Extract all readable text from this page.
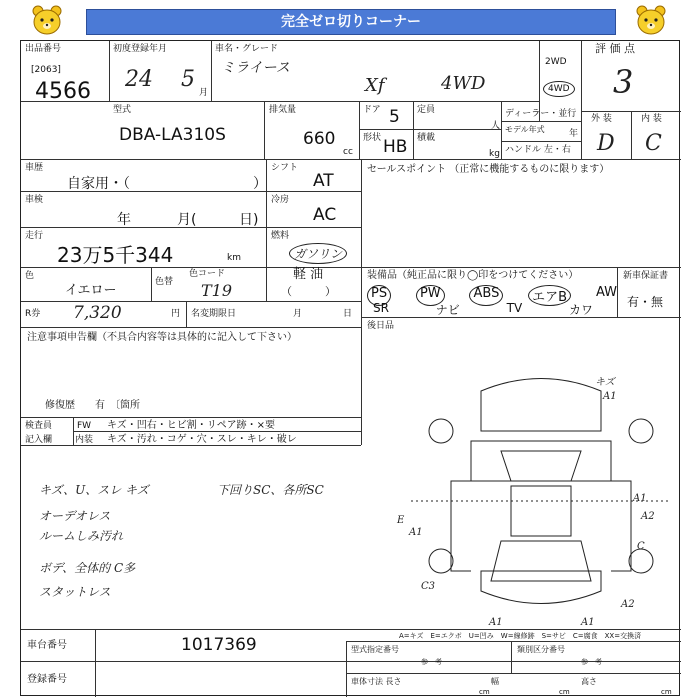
完全ゼロ切りコーナー
出品番号
[2063]
4566
初度登録年月
24 5
月
車名・グレード
ミライース
Xf	4WD
2WD
4WD
評 価 点
3
外 装	内 装
D C
型式
DBA-LA310S
排気量
660
cc
ドア 5 定員
人
形状 HB 積載
kg
ディーラー・並行
モデル年式	年
ハンドル 左・右
車歴
自家用・（	）
シフト
AT
セールスポイント （正常に機能するものに限ります）
車検
年	月(	日)
冷房
AC
走行
23万5千344	km
燃料
ガソリン
軽 油
（　　　）
色
イエロー
色替
色コード
T19
装備品（純正品に限り◯印をつけてください）
PS	PW	ABS	エアB	AW
SR	ナビ	TV	カワ
新車保証書
有・無
後日品
R券 7,320	円 名変期限日	月	日
注意事項申告欄（不具合内容等は具体的に記入して下さい）
修復歴　　有　〔箇所
検査員
記入欄
FW キズ・凹右・ヒビ割・リペア跡・×要
内装 キズ・汚れ・コゲ・穴・スレ・キレ・破レ
キズ、U、スレ キズ
オーデオレス
ルームしみ汚れ
ボデ、全体的 C多
スタットレス
下回りSC、各所SC
キズ
A1
A1
E
A1
A2
C
C3
A2
A1	A1
車台番号	1017369
登録番号
A=キズ　E=エクボ　U=凹み　W=線修跡　S=サビ　C=腐食　XX=交換済
型式指定番号	類別区分番号
参　考	参　考
車体寸法 長さ	幅	高さ
cm	cm	cm
